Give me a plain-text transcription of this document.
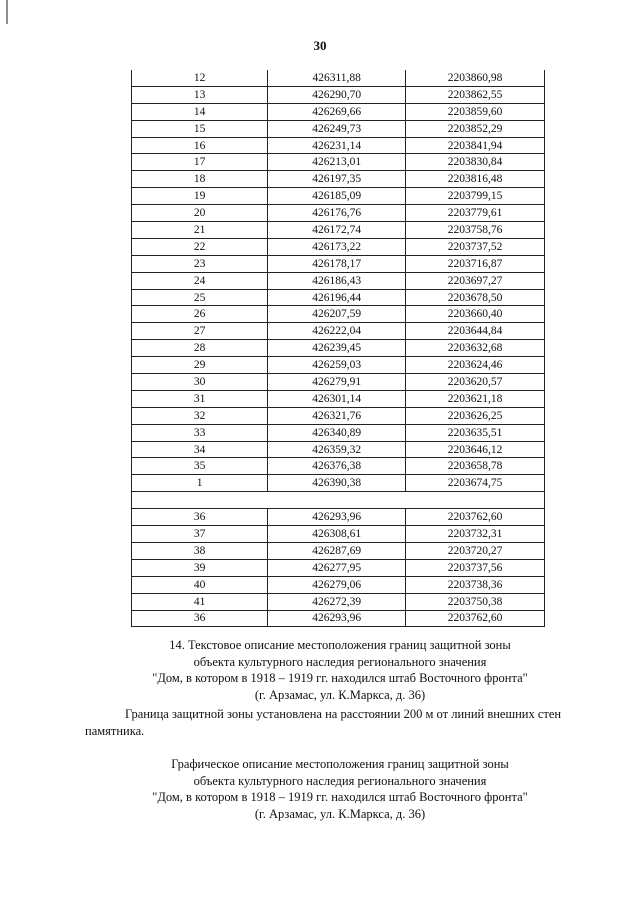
30
12	426311,88	2203860,98
13	426290,70	2203862,55
14	426269,66	2203859,60
15	426249,73	2203852,29
16	426231,14	2203841,94
17	426213,01	2203830,84
18	426197,35	2203816,48
19	426185,09	2203799,15
20	426176,76	2203779,61
21	426172,74	2203758,76
22	426173,22	2203737,52
23	426178,17	2203716,87
24	426186,43	2203697,27
25	426196,44	2203678,50
26	426207,59	2203660,40
27	426222,04	2203644,84
28	426239,45	2203632,68
29	426259,03	2203624,46
30	426279,91	2203620,57
31	426301,14	2203621,18
32	426321,76	2203626,25
33	426340,89	2203635,51
34	426359,32	2203646,12
35	426376,38	2203658,78
1	426390,38	2203674,75

36	426293,96	2203762,60
37	426308,61	2203732,31
38	426287,69	2203720,27
39	426277,95	2203737,56
40	426279,06	2203738,36
41	426272,39	2203750,38
36	426293,96	2203762,60

14. Текстовое описание местоположения границ защитной зоны

объекта культурного наследия регионального значения

"Дом, в котором в 1918 – 1919 гг. находился штаб Восточного фронта"

(г. Арзамас, ул. К.Маркса, д. 36)

Граница защитной зоны установлена на расстоянии 200 м от линий внешних стен

памятника.

Графическое описание местоположения границ защитной зоны

объекта культурного наследия регионального значения

"Дом, в котором в 1918 – 1919 гг. находился штаб Восточного фронта"

(г. Арзамас, ул. К.Маркса, д. 36)
